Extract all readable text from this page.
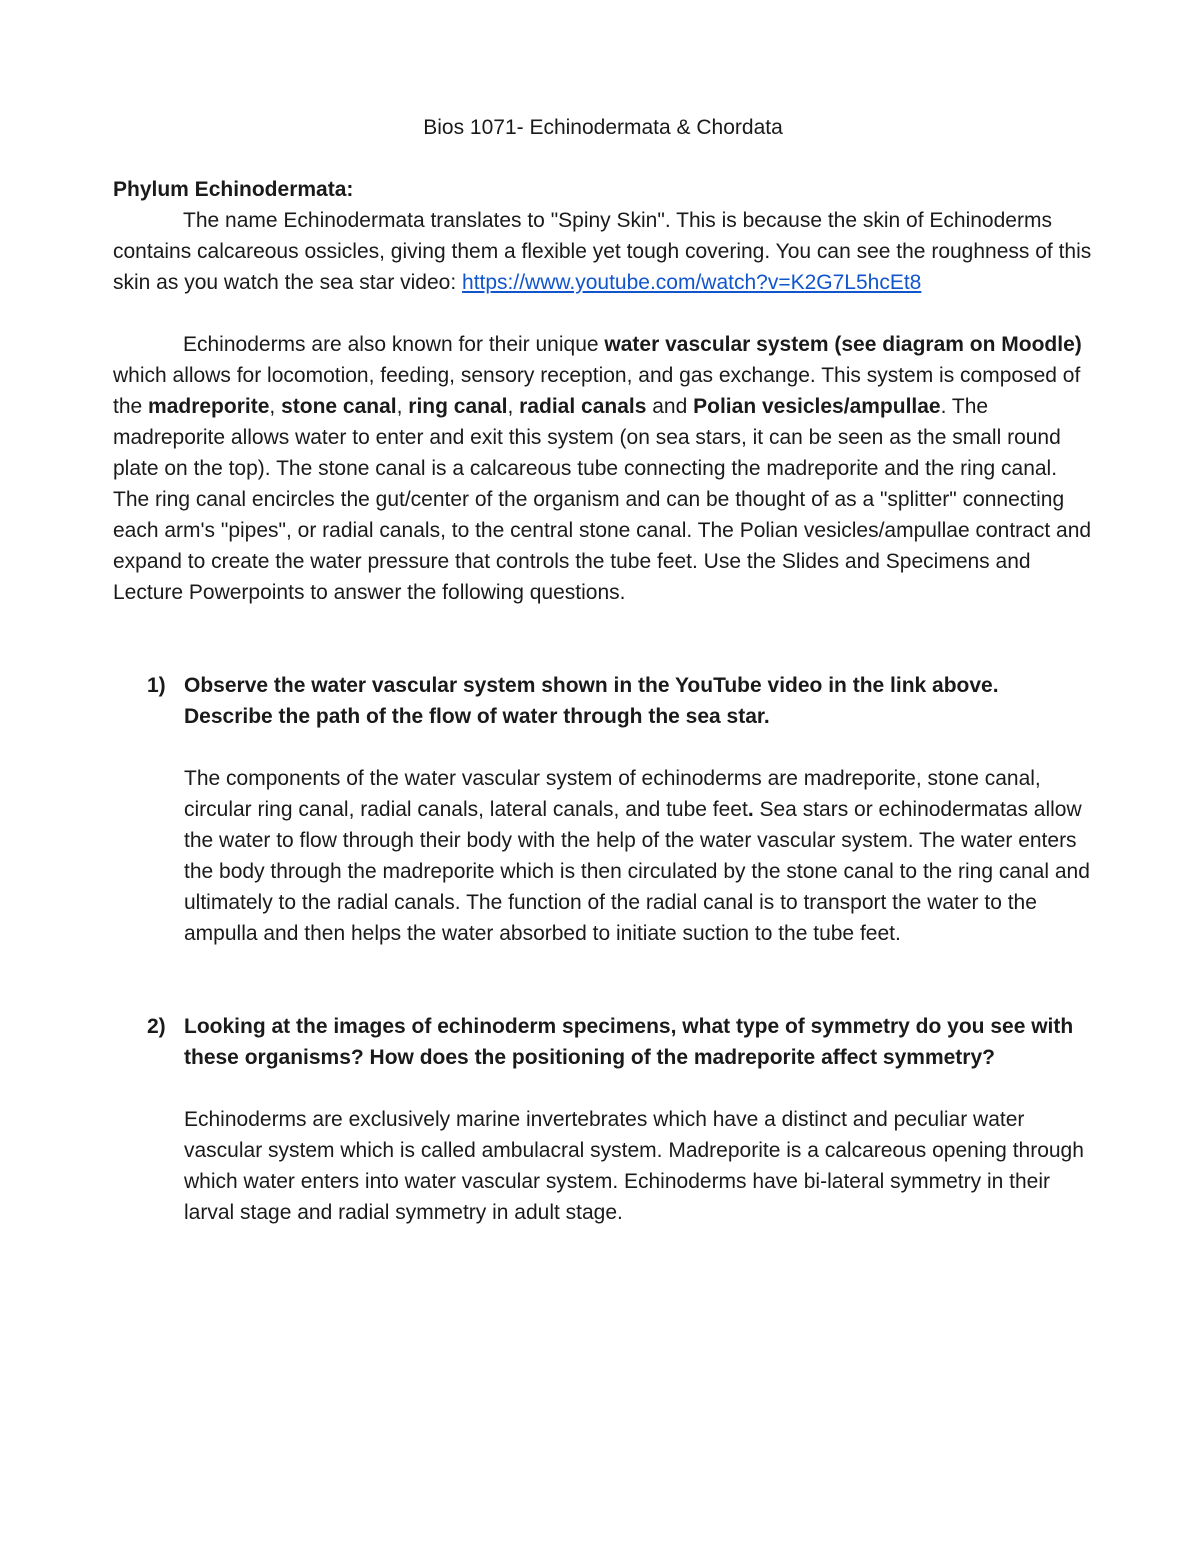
Bios 1071- Echinodermata & Chordata
Phylum Echinodermata:

The name Echinodermata translates to "Spiny Skin". This is because the skin of Echinoderms contains calcareous ossicles, giving them a flexible yet tough covering. You can see the roughness of this skin as you watch the sea star video: https://www.youtube.com/watch?v=K2G7L5hcEt8

Echinoderms are also known for their unique water vascular system (see diagram on Moodle) which allows for locomotion, feeding, sensory reception, and gas exchange. This system is composed of the madreporite, stone canal, ring canal, radial canals and Polian vesicles/ampullae. The madreporite allows water to enter and exit this system (on sea stars, it can be seen as the small round plate on the top). The stone canal is a calcareous tube connecting the madreporite and the ring canal. The ring canal encircles the gut/center of the organism and can be thought of as a "splitter" connecting each arm's "pipes", or radial canals, to the central stone canal. The Polian vesicles/ampullae contract and expand to create the water pressure that controls the tube feet. Use the Slides and Specimens and Lecture Powerpoints to answer the following questions.

1) Observe the water vascular system shown in the YouTube video in the link above. Describe the path of the flow of water through the sea star.

The components of the water vascular system of echinoderms are madreporite, stone canal, circular ring canal, radial canals, lateral canals, and tube feet. Sea stars or echinodermatas allow the water to flow through their body with the help of the water vascular system. The water enters the body through the madreporite which is then circulated by the stone canal to the ring canal and ultimately to the radial canals. The function of the radial canal is to transport the water to the ampulla and then helps the water absorbed to initiate suction to the tube feet.

2) Looking at the images of echinoderm specimens, what type of symmetry do you see with these organisms? How does the positioning of the madreporite affect symmetry?

Echinoderms are exclusively marine invertebrates which have a distinct and peculiar water vascular system which is called ambulacral system. Madreporite is a calcareous opening through which water enters into water vascular system. Echinoderms have bi-lateral symmetry in their larval stage and radial symmetry in adult stage.
